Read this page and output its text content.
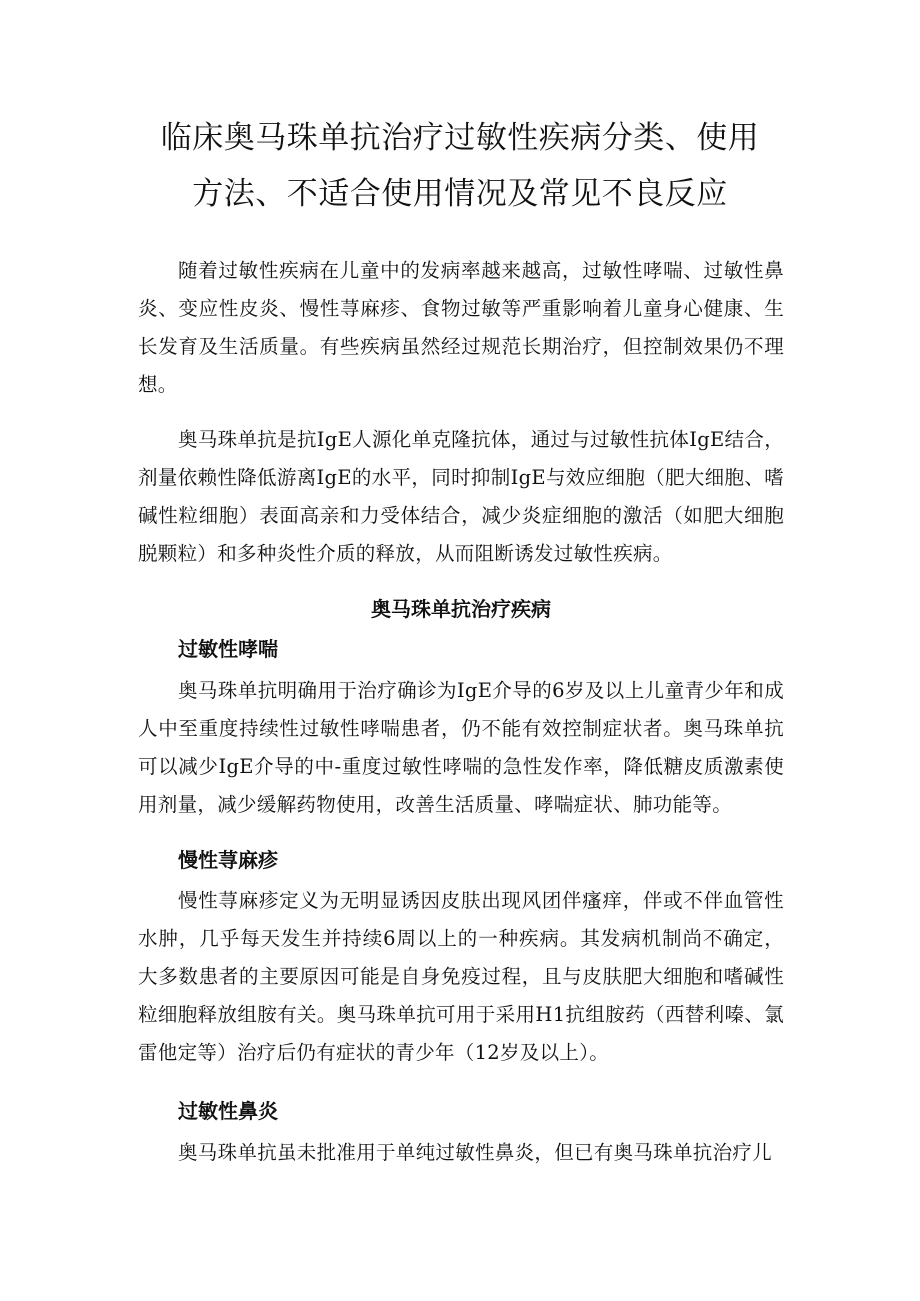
临床奥马珠单抗治疗过敏性疾病分类、使用
方法、不适合使用情况及常见不良反应

随着过敏性疾病在儿童中的发病率越来越高，过敏性哮喘、过敏性鼻炎、变应性皮炎、慢性荨麻疹、食物过敏等严重影响着儿童身心健康、生长发育及生活质量。有些疾病虽然经过规范长期治疗，但控制效果仍不理想。

奥马珠单抗是抗IgE人源化单克隆抗体，通过与过敏性抗体IgE结合，剂量依赖性降低游离IgE的水平，同时抑制IgE与效应细胞（肥大细胞、嗜碱性粒细胞）表面高亲和力受体结合，减少炎症细胞的激活（如肥大细胞脱颗粒）和多种炎性介质的释放，从而阻断诱发过敏性疾病。

奥马珠单抗治疗疾病
过敏性哮喘

奥马珠单抗明确用于治疗确诊为IgE介导的6岁及以上儿童青少年和成人中至重度持续性过敏性哮喘患者，仍不能有效控制症状者。奥马珠单抗可以减少IgE介导的中-重度过敏性哮喘的急性发作率，降低糖皮质激素使用剂量，减少缓解药物使用，改善生活质量、哮喘症状、肺功能等。

慢性荨麻疹

慢性荨麻疹定义为无明显诱因皮肤出现风团伴瘙痒，伴或不伴血管性水肿，几乎每天发生并持续6周以上的一种疾病。其发病机制尚不确定，大多数患者的主要原因可能是自身免疫过程，且与皮肤肥大细胞和嗜碱性粒细胞释放组胺有关。奥马珠单抗可用于采用H1抗组胺药（西替利嗪、氯雷他定等）治疗后仍有症状的青少年（12岁及以上）。

过敏性鼻炎

奥马珠单抗虽未批准用于单纯过敏性鼻炎，但已有奥马珠单抗治疗儿
